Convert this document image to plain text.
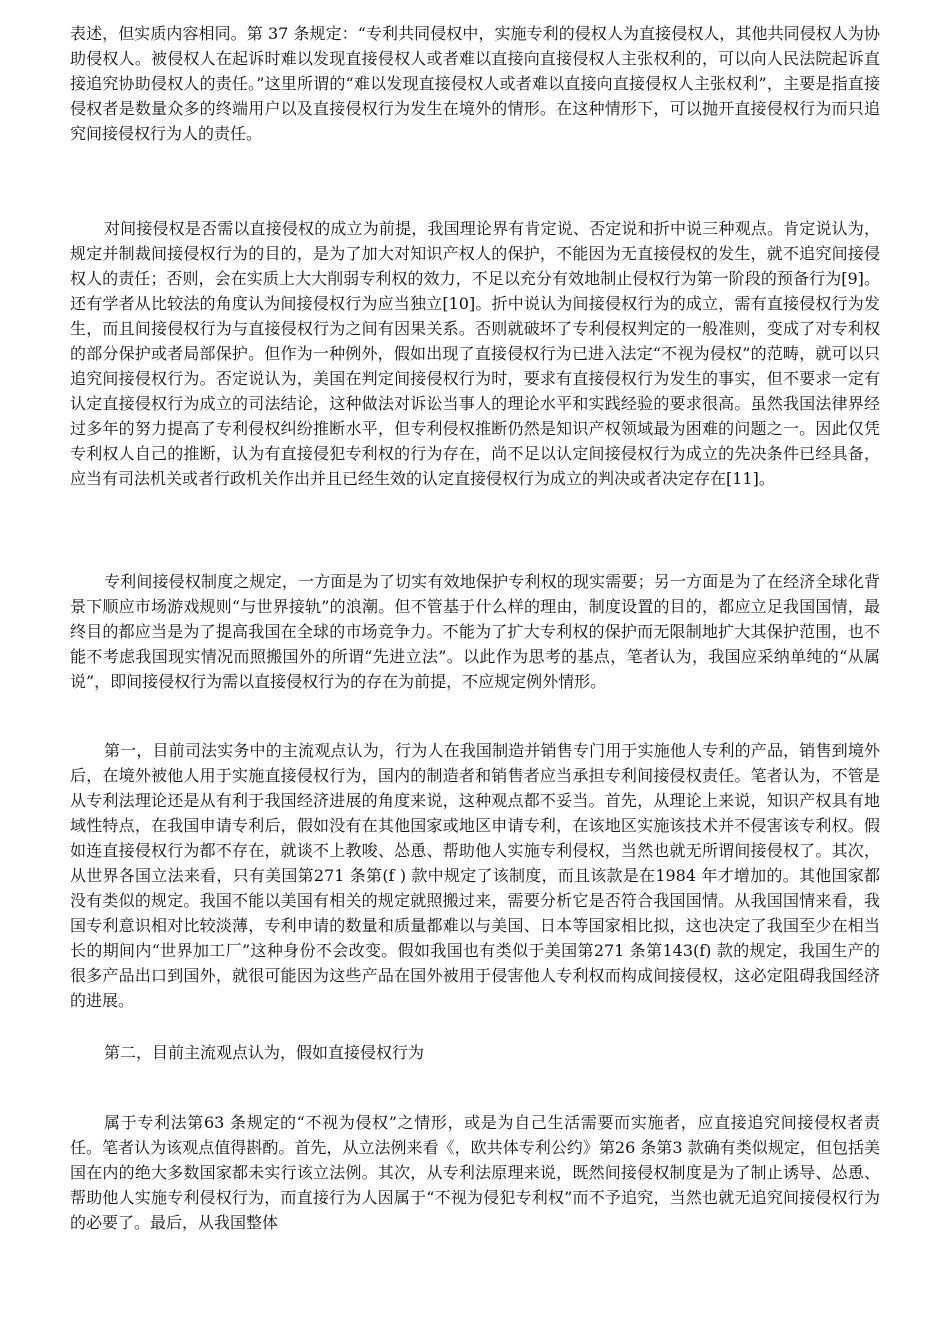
表述，但实质内容相同。第 37 条规定：“专利共同侵权中，实施专利的侵权人为直接侵权人，其他共同侵权人为协助侵权人。被侵权人在起诉时难以发现直接侵权人或者难以直接向直接侵权人主张权利的，可以向人民法院起诉直接追究协助侵权人的责任。”这里所谓的“难以发现直接侵权人或者难以直接向直接侵权人主张权利”，主要是指直接侵权者是数量众多的终端用户以及直接侵权行为发生在境外的情形。在这种情形下，可以抛开直接侵权行为而只追究间接侵权行为人的责任。

对间接侵权是否需以直接侵权的成立为前提，我国理论界有肯定说、否定说和折中说三种观点。肯定说认为，规定并制裁间接侵权行为的目的，是为了加大对知识产权人的保护，不能因为无直接侵权的发生，就不追究间接侵权人的责任；否则，会在实质上大大削弱专利权的效力，不足以充分有效地制止侵权行为第一阶段的预备行为[9]。还有学者从比较法的角度认为间接侵权行为应当独立[10]。折中说认为间接侵权行为的成立，需有直接侵权行为发生，而且间接侵权行为与直接侵权行为之间有因果关系。否则就破坏了专利侵权判定的一般准则，变成了对专利权的部分保护或者局部保护。但作为一种例外，假如出现了直接侵权行为已进入法定“不视为侵权”的范畴，就可以只追究间接侵权行为。否定说认为，美国在判定间接侵权行为时，要求有直接侵权行为发生的事实，但不要求一定有认定直接侵权行为成立的司法结论，这种做法对诉讼当事人的理论水平和实践经验的要求很高。虽然我国法律界经过多年的努力提高了专利侵权纠纷推断水平，但专利侵权推断仍然是知识产权领域最为困难的问题之一。因此仅凭专利权人自己的推断，认为有直接侵犯专利权的行为存在，尚不足以认定间接侵权行为成立的先决条件已经具备，应当有司法机关或者行政机关作出并且已经生效的认定直接侵权行为成立的判决或者决定存在[11]。

专利间接侵权制度之规定，一方面是为了切实有效地保护专利权的现实需要；另一方面是为了在经济全球化背景下顺应市场游戏规则“与世界接轨”的浪潮。但不管基于什么样的理由，制度设置的目的，都应立足我国国情，最终目的都应当是为了提高我国在全球的市场竞争力。不能为了扩大专利权的保护而无限制地扩大其保护范围，也不能不考虑我国现实情况而照搬国外的所谓“先进立法”。以此作为思考的基点，笔者认为，我国应采纳单纯的“从属说”，即间接侵权行为需以直接侵权行为的存在为前提，不应规定例外情形。

第一，目前司法实务中的主流观点认为，行为人在我国制造并销售专门用于实施他人专利的产品，销售到境外后，在境外被他人用于实施直接侵权行为，国内的制造者和销售者应当承担专利间接侵权责任。笔者认为，不管是从专利法理论还是从有利于我国经济进展的角度来说，这种观点都不妥当。首先，从理论上来说，知识产权具有地域性特点，在我国申请专利后，假如没有在其他国家或地区申请专利，在该地区实施该技术并不侵害该专利权。假如连直接侵权行为都不存在，就谈不上教唆、怂恿、帮助他人实施专利侵权，当然也就无所谓间接侵权了。其次，从世界各国立法来看，只有美国第271 条第(f ) 款中规定了该制度，而且该款是在1984 年才增加的。其他国家都没有类似的规定。我国不能以美国有相关的规定就照搬过来，需要分析它是否符合我国国情。从我国国情来看，我国专利意识相对比较淡薄，专利申请的数量和质量都难以与美国、日本等国家相比拟，这也决定了我国至少在相当长的期间内“世界加工厂”这种身份不会改变。假如我国也有类似于美国第271 条第143(f) 款的规定，我国生产的很多产品出口到国外，就很可能因为这些产品在国外被用于侵害他人专利权而构成间接侵权，这必定阻碍我国经济的进展。

第二，目前主流观点认为，假如直接侵权行为

属于专利法第63 条规定的“不视为侵权”之情形，或是为自己生活需要而实施者，应直接追究间接侵权者责任。笔者认为该观点值得斟酌。首先，从立法例来看《，欧共体专利公约》第26 条第3 款确有类似规定，但包括美国在内的绝大多数国家都未实行该立法例。其次，从专利法原理来说，既然间接侵权制度是为了制止诱导、怂恿、帮助他人实施专利侵权行为，而直接行为人因属于“不视为侵犯专利权”而不予追究，当然也就无追究间接侵权行为的必要了。最后，从我国整体
